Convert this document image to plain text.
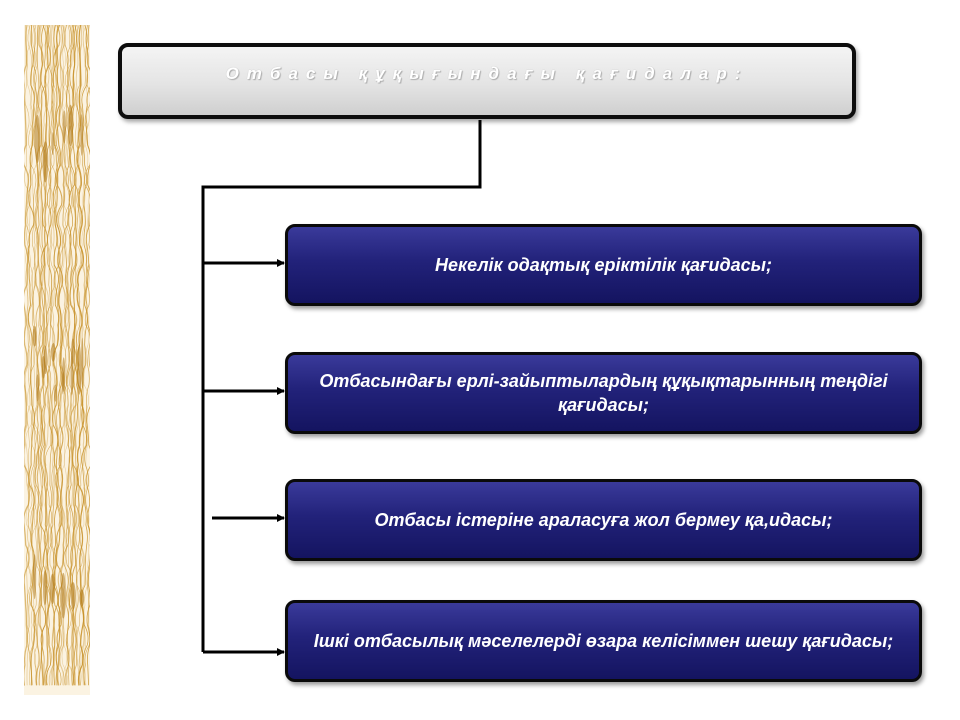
Отбасы құқығындағы қағидалар:
Некелік одақтық еріктілік қағидасы;
Отбасындағы ерлі-зайыптылардың құқықтарынның теңдігі қағидасы;
Отбасы істеріне араласуға жол бермеу қа,идасы;
Ішкі отбасылық мәселелерді өзара келісіммен шешу қағидасы;
